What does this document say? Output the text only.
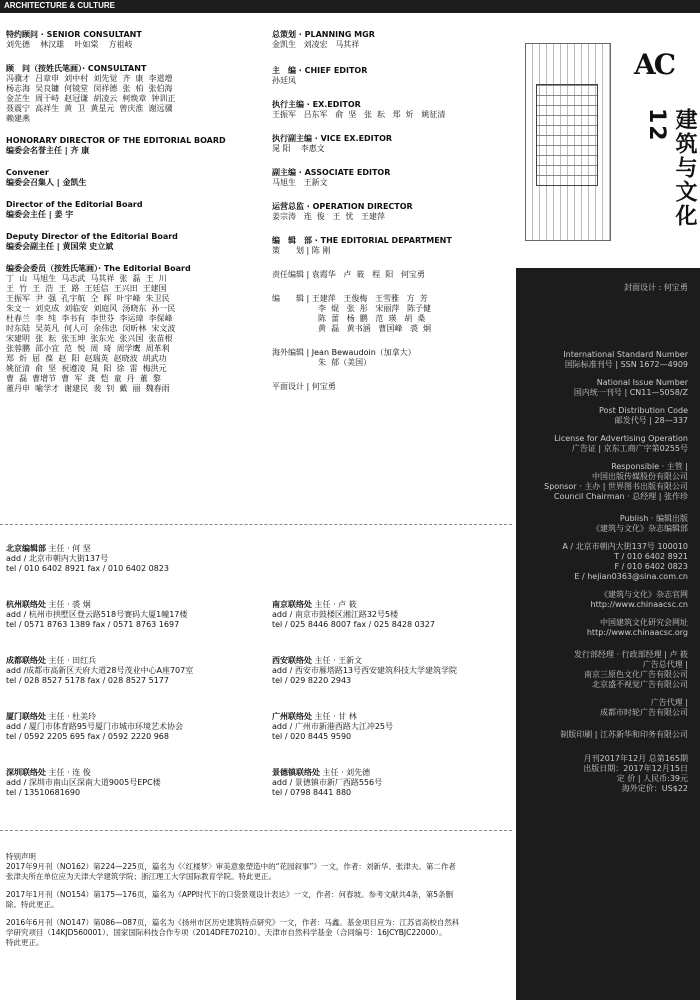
ARCHITECTURE & CULTURE
AC
建筑与文化 12
封面设计 : 何宝勇
特约顾问 · SENIOR CONSULTANT
刘先德    林汉雄    叶如棠    方祖岐
顾　问（按姓氏笔画）· CONSULTANT
冯骥才  吕章申  刘中村  刘先觉  齐  康  李道增
杨志海  吴良镛  何镜堂  闵祥德  张  柏  张伯海
金芷生  周干峙  赵冠谦  胡凌云  柯焕章  钟训正
聂震宁  高祥生  黄  卫  黄星元  曾庆淮  谢远骥
赖建燕
HONORARY DIRECTOR OF THE EDITORIAL BOARD
编委会名誉主任 | 齐 康
Convener
编委会召集人 | 金凯生
Director of the Editorial Board
编委会主任 | 姜 宇
Deputy Director of the Editorial Board
编委会副主任 | 黄国荣 史立斌
编委会委员（按姓氏笔画）· The Editorial Board
丁  山  马旭生  马志武  马其祥  张  磊  王  川
王  竹  王  浩  王  路  王廷信  王兴田  王建国
王振军  尹  强  孔宇航  仝  晖  叶宇峰  朱卫民
朱文一  刘克成  刘临安  刘庭风  汤晓东  孙一民
杜春兰  李  纯  李书有  李世芬  李运璋  李保峰
时东陆  吴英凡  何人可  余伟忠  闵昕林  宋文波
宋建明  张  耘  张玉坤  张东光  张兴国  张苗根
张蓉鹏  邵小宜  范  悦  周  琦  周学鹰  周革利
郑  炘  屈  葆  赵  阳  赵瑞英  赵晓波  胡武功
姚征清  俞  坚  祝遵凌  晁  阳  徐  雷  梅洪元
曹  磊  曹增节  曹  军  龚  恺  童  丹  董  黎
董丹申  喻学才  谢建民  裴  钊  戴  丽  魏春雨
总策划 · PLANNING MGR
金凯生   刘凌宏   马其祥
主　编 · CHIEF EDITOR
孙廷凤
执行主编 · EX.EDITOR
王振军   吕东军   俞  坚   张  耘   郑  炘   姚征清
执行副主编 · VICE EX.EDITOR
晁 阳    李惠文
副主编 · ASSOCIATE EDITOR
马旭生   王新文
运营总监 · OPERATION DIRECTOR
姜宗涛   连  俊   王  忧   王建萍
编　辑　部 · THE EDITORIAL DEPARTMENT
策　　划 | 陈 刚
责任编辑 | 袁霞华   卢  筱   程  阳   何宝勇
编　　辑 | 王建萍   王俊梅   王雪雅   方  芳
李  焜   张  彤   宋丽萍   陈子健
陈  蕾   杨  鹏   范  瑛   胡  桑
黄  磊   黄书涵   曹国峰   裘  炯
海外编辑 | Jean Bewaudoin（加拿大）
朱  郁（美国）
平面设计 | 何宝勇
International Standard Number
国际标准刊号 | SSN 1672—4909
National Issue Number
国内统一刊号 | CN11—5058/Z
Post Distribution Code
邮发代号 | 28—337
License for Advertising Operation
广告证 | 京东工商广字第0255号
Responsible · 主管 |
中国出版传媒股份有限公司
Sponsor · 主办 | 世界图书出版有限公司
Council Chairman · 总经理 | 张作珍
Publish · 编辑出版
《建筑与文化》杂志编辑部
A / 北京市朝内大街137号 100010
T / 010 6402 8921
F / 010 6402 0823
E / hejian0363@sina.com.cn
《建筑与文化》杂志官网
http://www.chinaacsc.cn
中国建筑文化研究会网址
http://www.chinaacsc.org
发行部经理 · 行政部经理 | 卢 筱
广告总代理 |
南京三原色文化广告有限公司
北京盛不视觉广告有限公司
广告代理 |
成都市时轮广告有限公司
制版印刷 | 江苏新华和印务有限公司
月刊2017年12月 总第165期
出版日期：2017年12月15日
定 价 | 人民币:39元
海外定价：US$22
北京编辑部 主任 · 何 坚
add / 北京市朝内大街137号
tel / 010 6402 8921 fax / 010 6402 0823
杭州联络处 主任 · 裘 炯
add / 杭州市拱墅区登云路518号赛码大厦1幢17楼
tel / 0571 8763 1389 fax / 0571 8763 1697
南京联络处 主任 · 卢 筱
add / 南京市鼓楼区湘江路32号5楼
tel / 025 8446 8007 fax / 025 8428 0327
成都联络处 主任 · 田红兵
add /成都市高新区天府大道28号茂业中心A座707室
tel / 028 8527 5178 fax / 028 8527 5177
西安联络处 主任 · 王新文
add / 西安市雁塔路13号西安建筑科技大学建筑学院
tel / 029 8220 2943
厦门联络处 主任 · 杜美玲
add / 厦门市体育路95号厦门市城市环境艺术协会
tel / 0592 2205 695 fax / 0592 2220 968
广州联络处 主任 · 甘 林
add / 广州市新港西路大江冲25号
tel / 020 8445 9590
深圳联络处 主任 · 连 俊
add / 深圳市南山区深南大道9005号EPC楼
tel / 13510681690
景德镇联络处 主任 · 刘先德
add / 景德镇市新厂西路556号
tel / 0798 8441 880
特别声明
2017年9月刊（NO162）第224—225页，篇名为《〈红楼梦〉审美意象塑造中的“花园叙事”》一文，作者：刘新华、张津夫。第二作者
张津夫所在单位应为天津大学建筑学院；浙江理工大学国际教育学院。特此更正。
2017年1月刊（NO154）第175—176页，篇名为《APP时代下的口袋景观设计表达》一文，作者：何春坡。参考文献共4条，第5条删
除。特此更正。
2016年6月刊（NO147）第086—087页，篇名为《扬州市区历史建筑特点研究》一文，作者：马鑫。基金项目应为：江苏省高校自然科
学研究项目（14KJD560001）、国家国际科技合作专项（2014DFE70210）、天津市自然科学基金（合同编号：16JCYBJC22000）。
特此更正。
